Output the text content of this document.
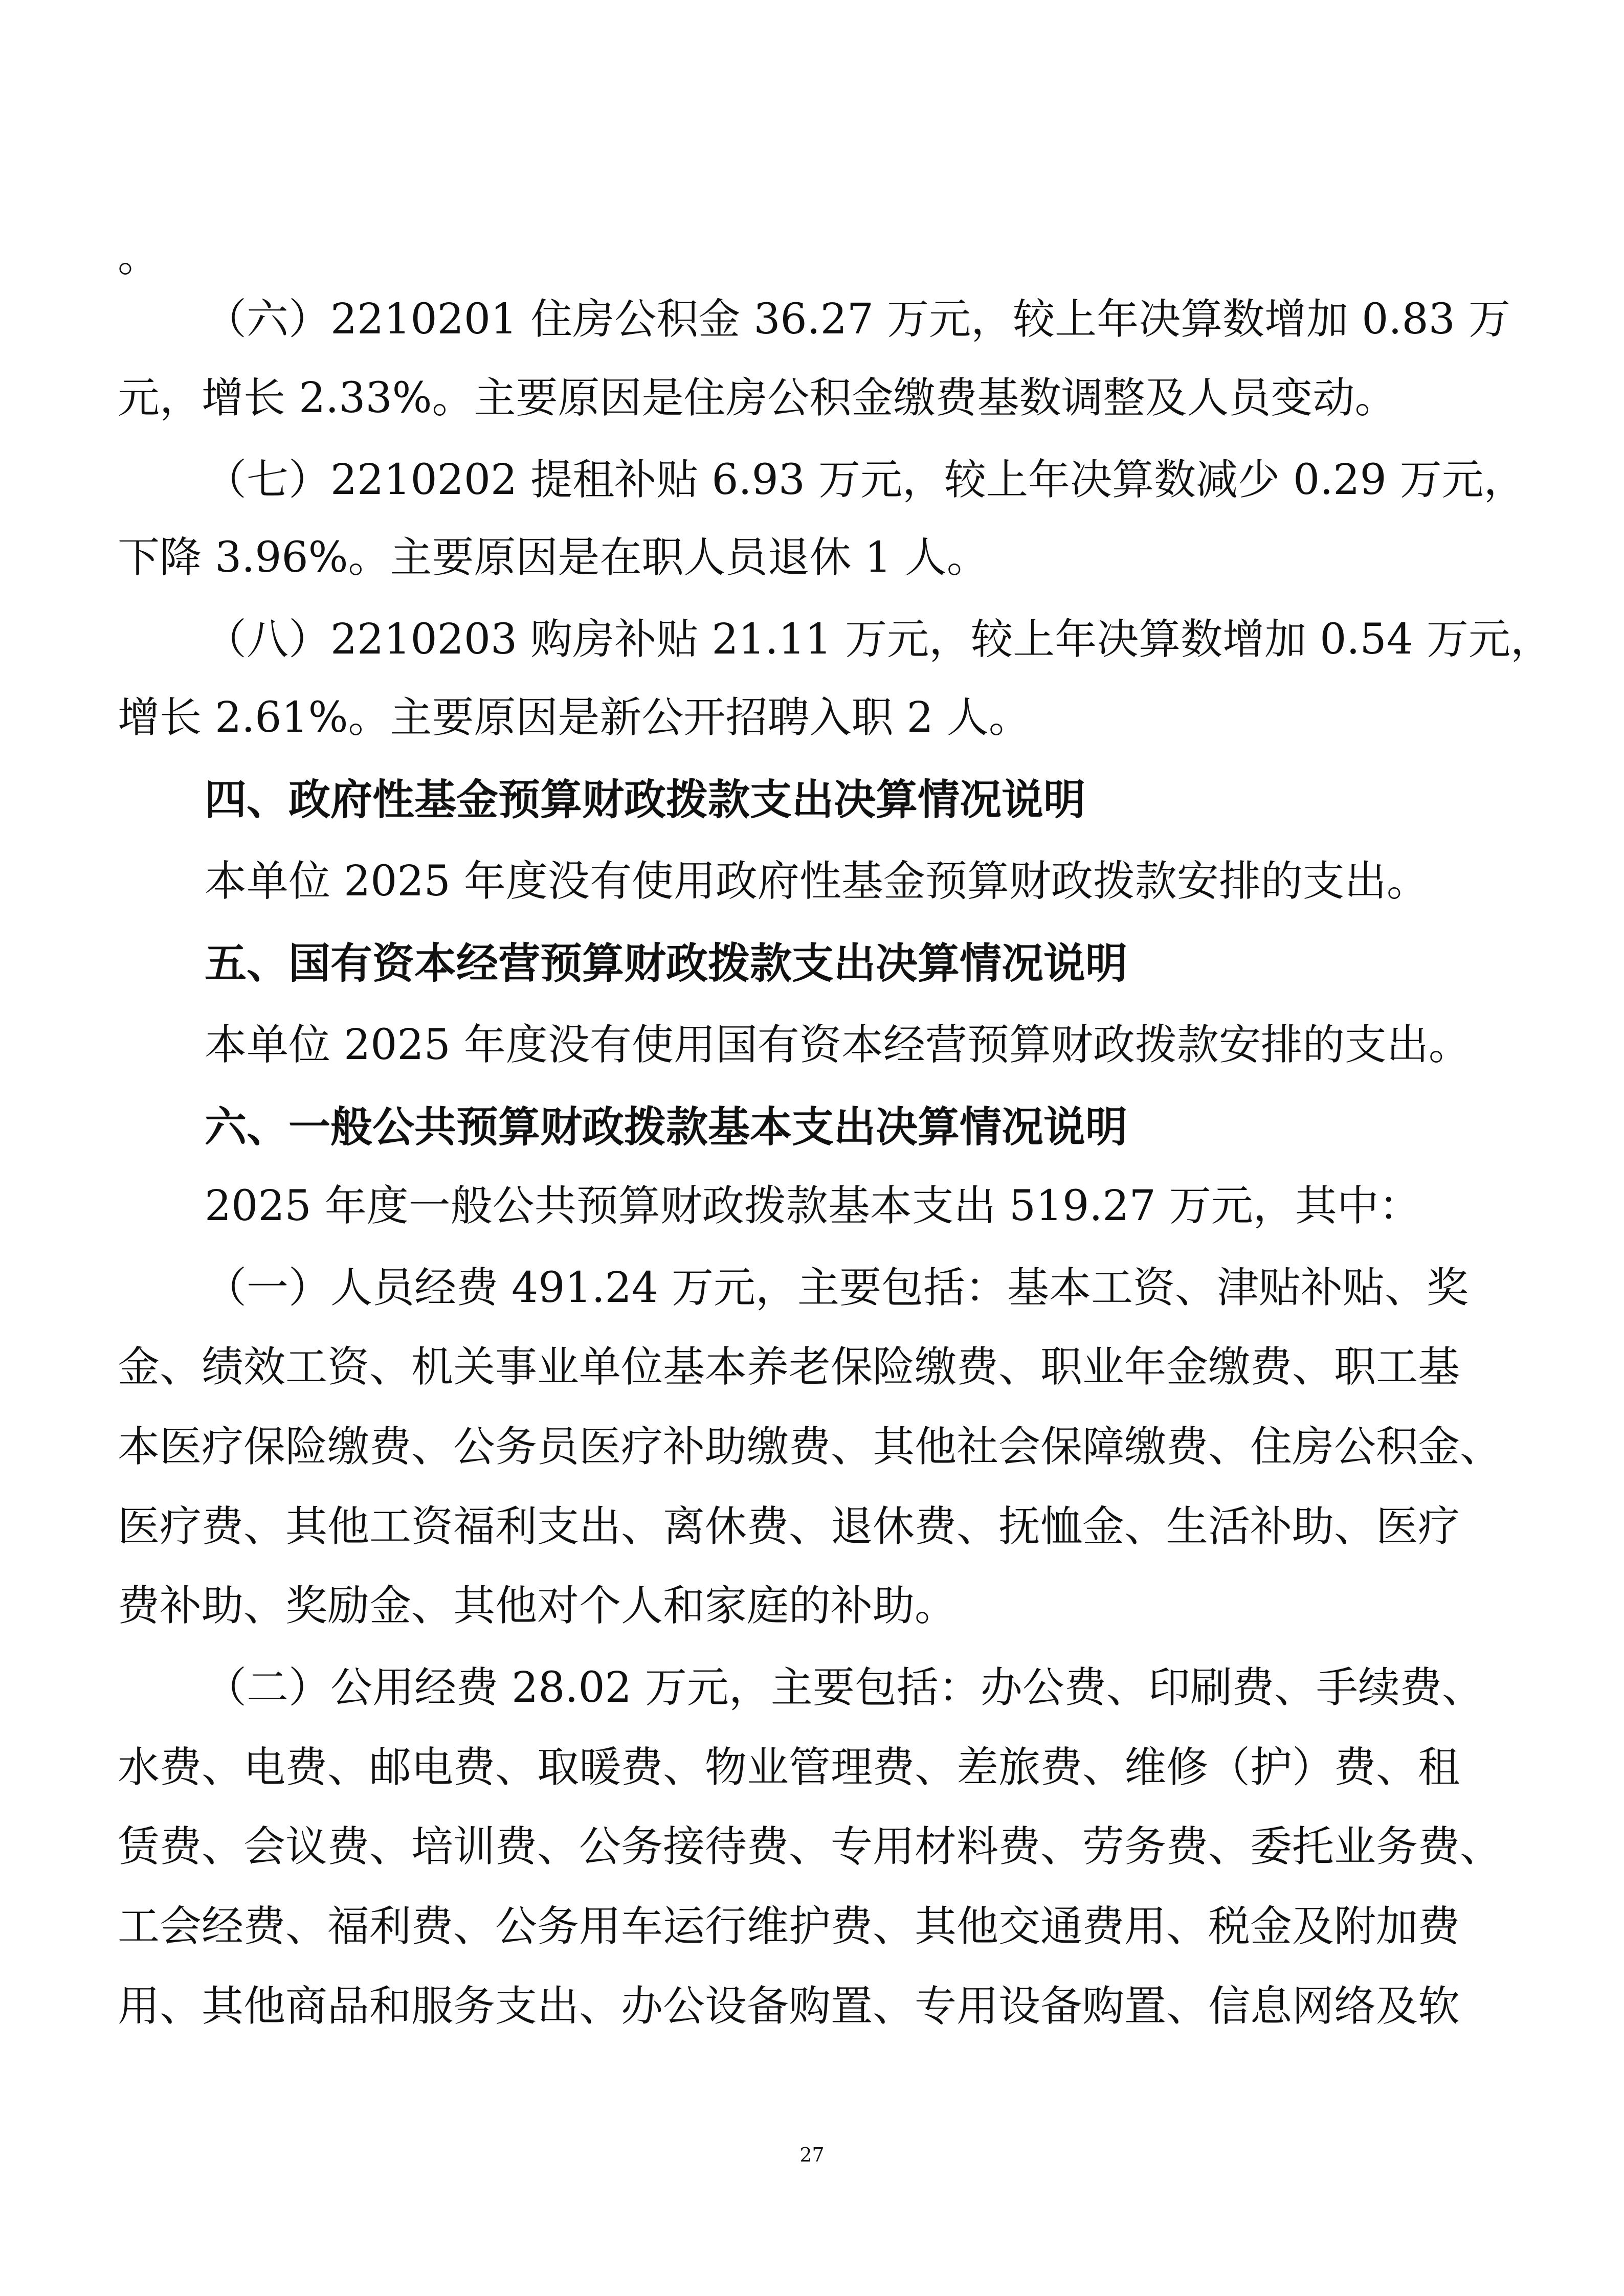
。
（六）2210201 住房公积金 36.27 万元，较上年决算数增加 0.83 万
元，增长 2.33%。主要原因是住房公积金缴费基数调整及人员变动。
（七）2210202 提租补贴 6.93 万元，较上年决算数减少 0.29 万元，
下降 3.96%。主要原因是在职人员退休 1 人。
（八）2210203 购房补贴 21.11 万元，较上年决算数增加 0.54 万元，
增长 2.61%。主要原因是新公开招聘入职 2 人。
四、政府性基金预算财政拨款支出决算情况说明
本单位 2025 年度没有使用政府性基金预算财政拨款安排的支出。
五、国有资本经营预算财政拨款支出决算情况说明
本单位 2025 年度没有使用国有资本经营预算财政拨款安排的支出。
六、一般公共预算财政拨款基本支出决算情况说明
2025 年度一般公共预算财政拨款基本支出 519.27 万元，其中：
（一）人员经费 491.24 万元，主要包括：基本工资、津贴补贴、奖
金、绩效工资、机关事业单位基本养老保险缴费、职业年金缴费、职工基
本医疗保险缴费、公务员医疗补助缴费、其他社会保障缴费、住房公积金、
医疗费、其他工资福利支出、离休费、退休费、抚恤金、生活补助、医疗
费补助、奖励金、其他对个人和家庭的补助。
（二）公用经费 28.02 万元，主要包括：办公费、印刷费、手续费、
水费、电费、邮电费、取暖费、物业管理费、差旅费、维修（护）费、租
赁费、会议费、培训费、公务接待费、专用材料费、劳务费、委托业务费、
工会经费、福利费、公务用车运行维护费、其他交通费用、税金及附加费
用、其他商品和服务支出、办公设备购置、专用设备购置、信息网络及软
27
